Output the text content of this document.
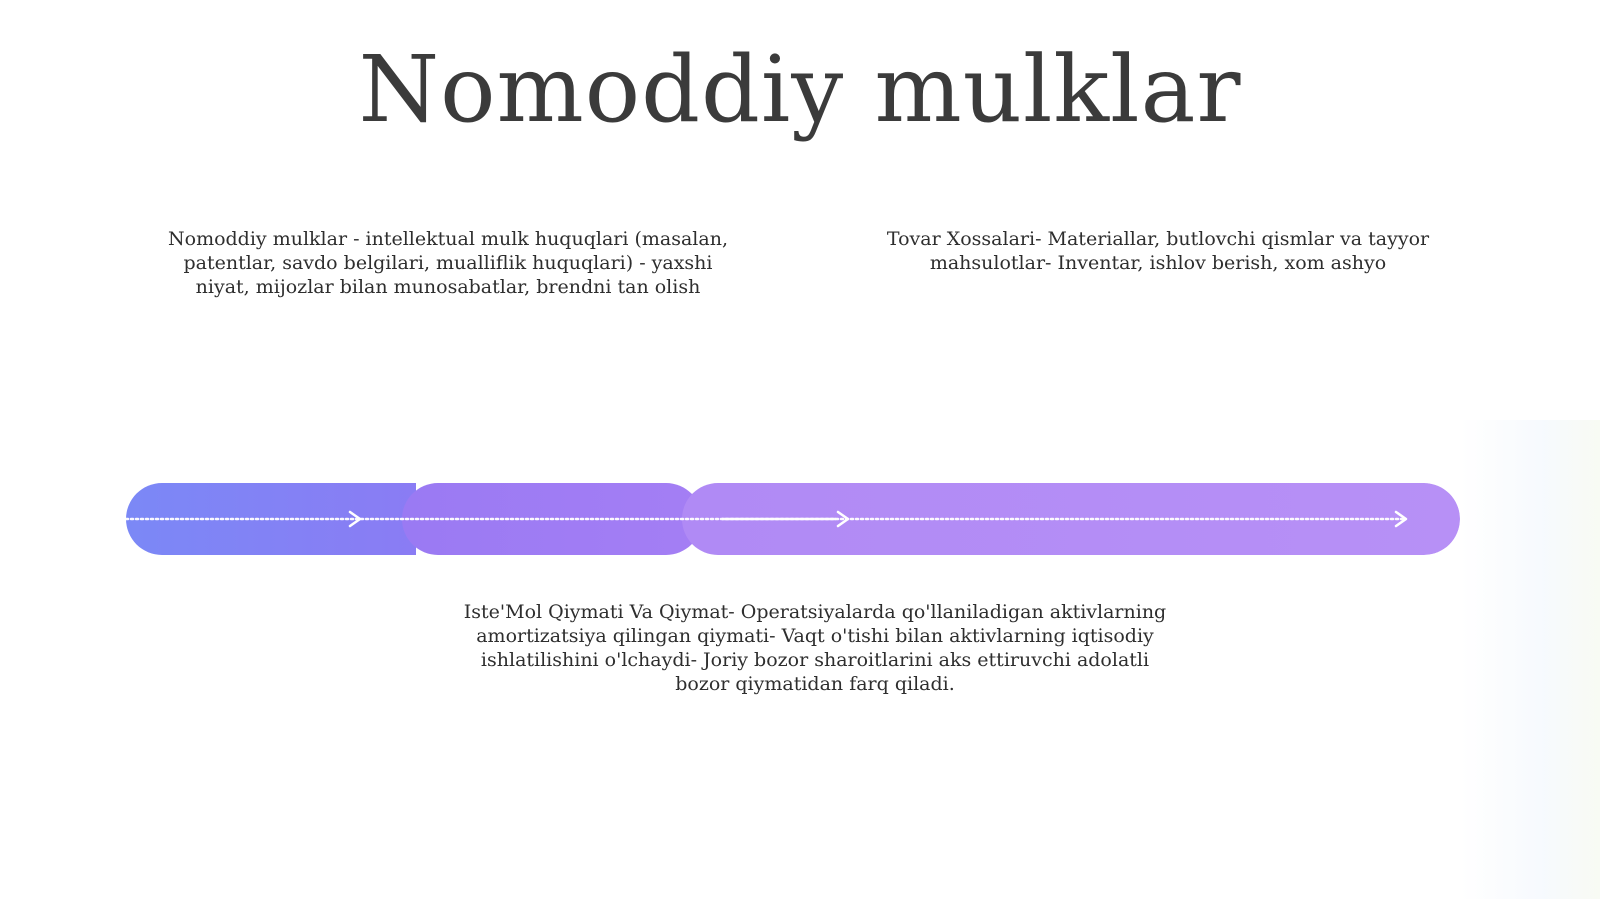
Nomoddiy mulklar
Nomoddiy mulklar - intellektual mulk huquqlari (masalan, patentlar, savdo belgilari, mualliflik huquqlari) - yaxshi niyat, mijozlar bilan munosabatlar, brendni tan olish
Tovar Xossalari- Materiallar, butlovchi qismlar va tayyor mahsulotlar- Inventar, ishlov berish, xom ashyo
Iste'Mol Qiymati Va Qiymat- Operatsiyalarda qo'llaniladigan aktivlarning amortizatsiya qilingan qiymati- Vaqt o'tishi bilan aktivlarning iqtisodiy ishlatilishini o'lchaydi- Joriy bozor sharoitlarini aks ettiruvchi adolatli bozor qiymatidan farq qiladi.
